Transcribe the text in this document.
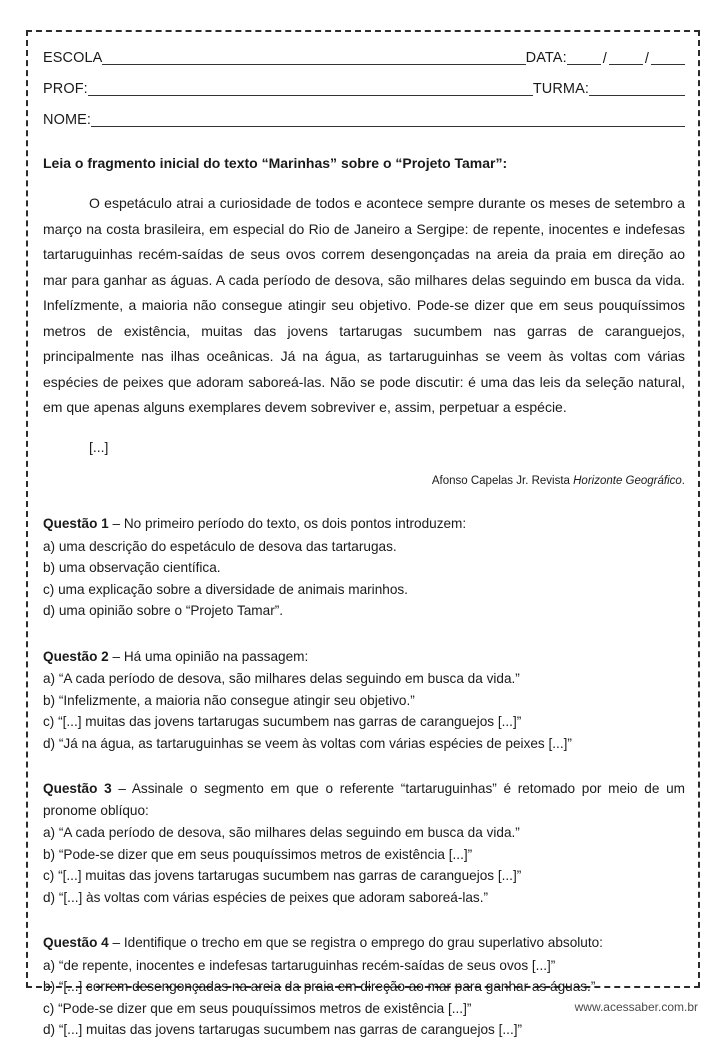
ESCOLA	DATA: /	/
PROF:	TURMA:
NOME:
Leia o fragmento inicial do texto “Marinhas” sobre o “Projeto Tamar”:

O espetáculo atrai a curiosidade de todos e acontece sempre durante os meses de setembro a março na costa brasileira, em especial do Rio de Janeiro a Sergipe: de repente, inocentes e indefesas tartaruguinhas recém-saídas de seus ovos correm desengonçadas na areia da praia em direção ao mar para ganhar as águas. A cada período de desova, são milhares delas seguindo em busca da vida. Infelízmente, a maioria não consegue atingir seu objetivo. Pode-se dizer que em seus pouquíssimos metros de existência, muitas das jovens tartarugas sucumbem nas garras de caranguejos, principalmente nas ilhas oceânicas. Já na água, as tartaruguinhas se veem às voltas com várias espécies de peixes que adoram saboreá-las. Não se pode discutir: é uma das leis da seleção natural, em que apenas alguns exemplares devem sobreviver e, assim, perpetuar a espécie.

[...]
Afonso Capelas Jr. Revista Horizonte Geográfico.
Questão 1 – No primeiro período do texto, os dois pontos introduzem:
a) uma descrição do espetáculo de desova das tartarugas.
b) uma observação científica.
c) uma explicação sobre a diversidade de animais marinhos.
d) uma opinião sobre o “Projeto Tamar”.
Questão 2 – Há uma opinião na passagem:
a) “A cada período de desova, são milhares delas seguindo em busca da vida.”
b) “Infelizmente, a maioria não consegue atingir seu objetivo.”
c) “[...] muitas das jovens tartarugas sucumbem nas garras de caranguejos [...]”
d) “Já na água, as tartaruguinhas se veem às voltas com várias espécies de peixes [...]”
Questão 3 – Assinale o segmento em que o referente “tartaruguinhas” é retomado por meio de um pronome oblíquo:
a) “A cada período de desova, são milhares delas seguindo em busca da vida.”
b) “Pode-se dizer que em seus pouquíssimos metros de existência [...]”
c) “[...] muitas das jovens tartarugas sucumbem nas garras de caranguejos [...]”
d) “[...] às voltas com várias espécies de peixes que adoram saboreá-las.”
Questão 4 – Identifique o trecho em que se registra o emprego do grau superlativo absoluto:
a) “de repente, inocentes e indefesas tartaruguinhas recém-saídas de seus ovos [...]”
b) “[...] correm desengonçadas na areia da praia em direção ao mar para ganhar as águas.”
c) “Pode-se dizer que em seus pouquíssimos metros de existência [...]”
d) “[...] muitas das jovens tartarugas sucumbem nas garras de caranguejos [...]”
www.acessaber.com.br
